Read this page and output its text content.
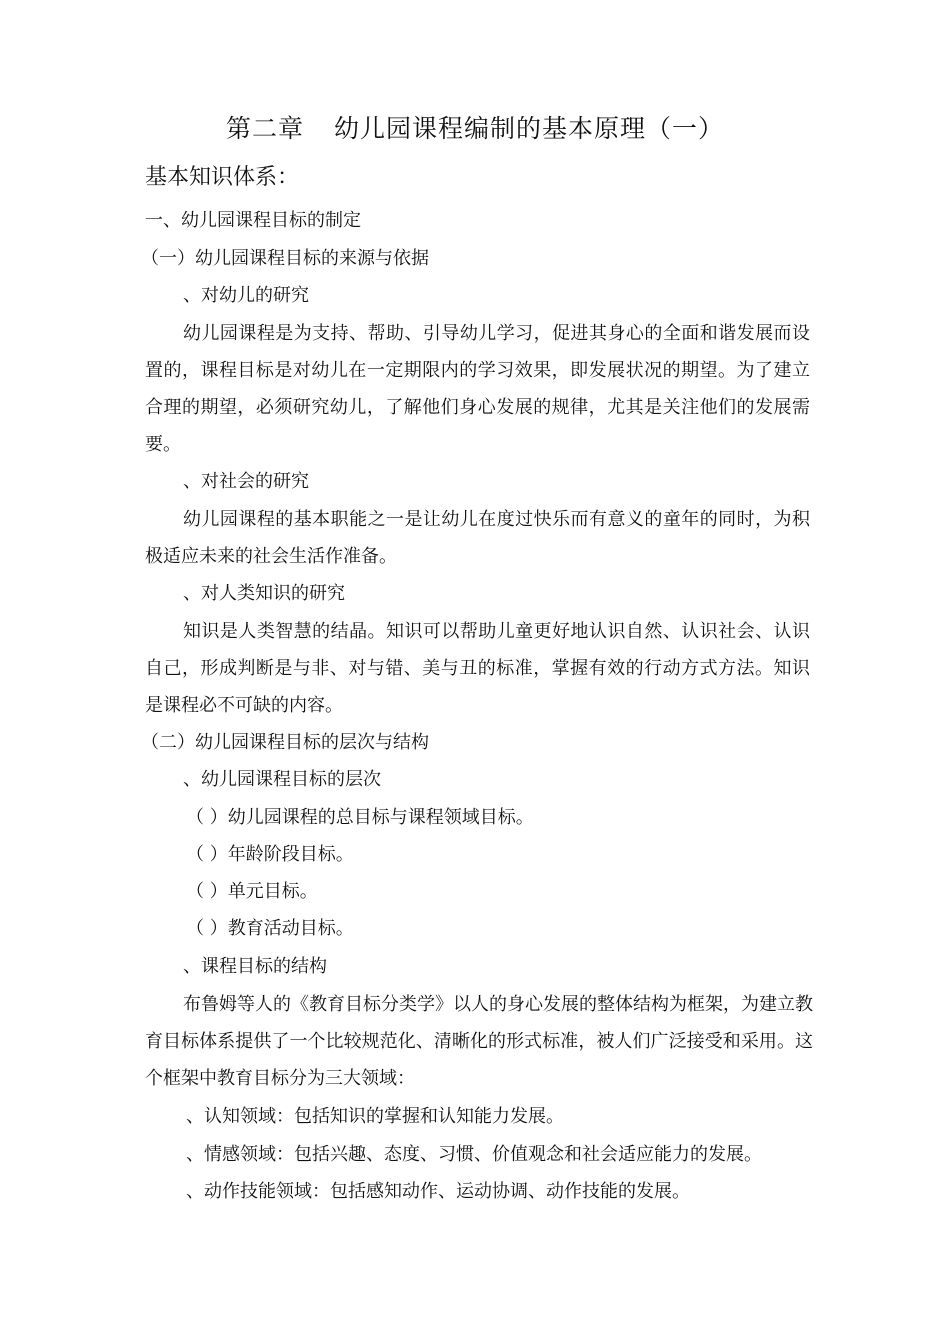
第二章 幼儿园课程编制的基本原理（一）
基本知识体系：
一、幼儿园课程目标的制定
（一）幼儿园课程目标的来源与依据
、对幼儿的研究
幼儿园课程是为支持、帮助、引导幼儿学习，促进其身心的全面和谐发展而设置的，课程目标是对幼儿在一定期限内的学习效果，即发展状况的期望。为了建立合理的期望，必须研究幼儿，了解他们身心发展的规律，尤其是关注他们的发展需要。
、对社会的研究
幼儿园课程的基本职能之一是让幼儿在度过快乐而有意义的童年的同时，为积极适应未来的社会生活作准备。
、对人类知识的研究
知识是人类智慧的结晶。知识可以帮助儿童更好地认识自然、认识社会、认识自己，形成判断是与非、对与错、美与丑的标准，掌握有效的行动方式方法。知识是课程必不可缺的内容。
（二）幼儿园课程目标的层次与结构
、幼儿园课程目标的层次
（ ）幼儿园课程的总目标与课程领域目标。
（ ）年龄阶段目标。
（ ）单元目标。
（ ）教育活动目标。
、课程目标的结构
布鲁姆等人的《教育目标分类学》以人的身心发展的整体结构为框架，为建立教育目标体系提供了一个比较规范化、清晰化的形式标准，被人们广泛接受和采用。这个框架中教育目标分为三大领域：
、认知领域：包括知识的掌握和认知能力发展。
、情感领域：包括兴趣、态度、习惯、价值观念和社会适应能力的发展。
、动作技能领域：包括感知动作、运动协调、动作技能的发展。
